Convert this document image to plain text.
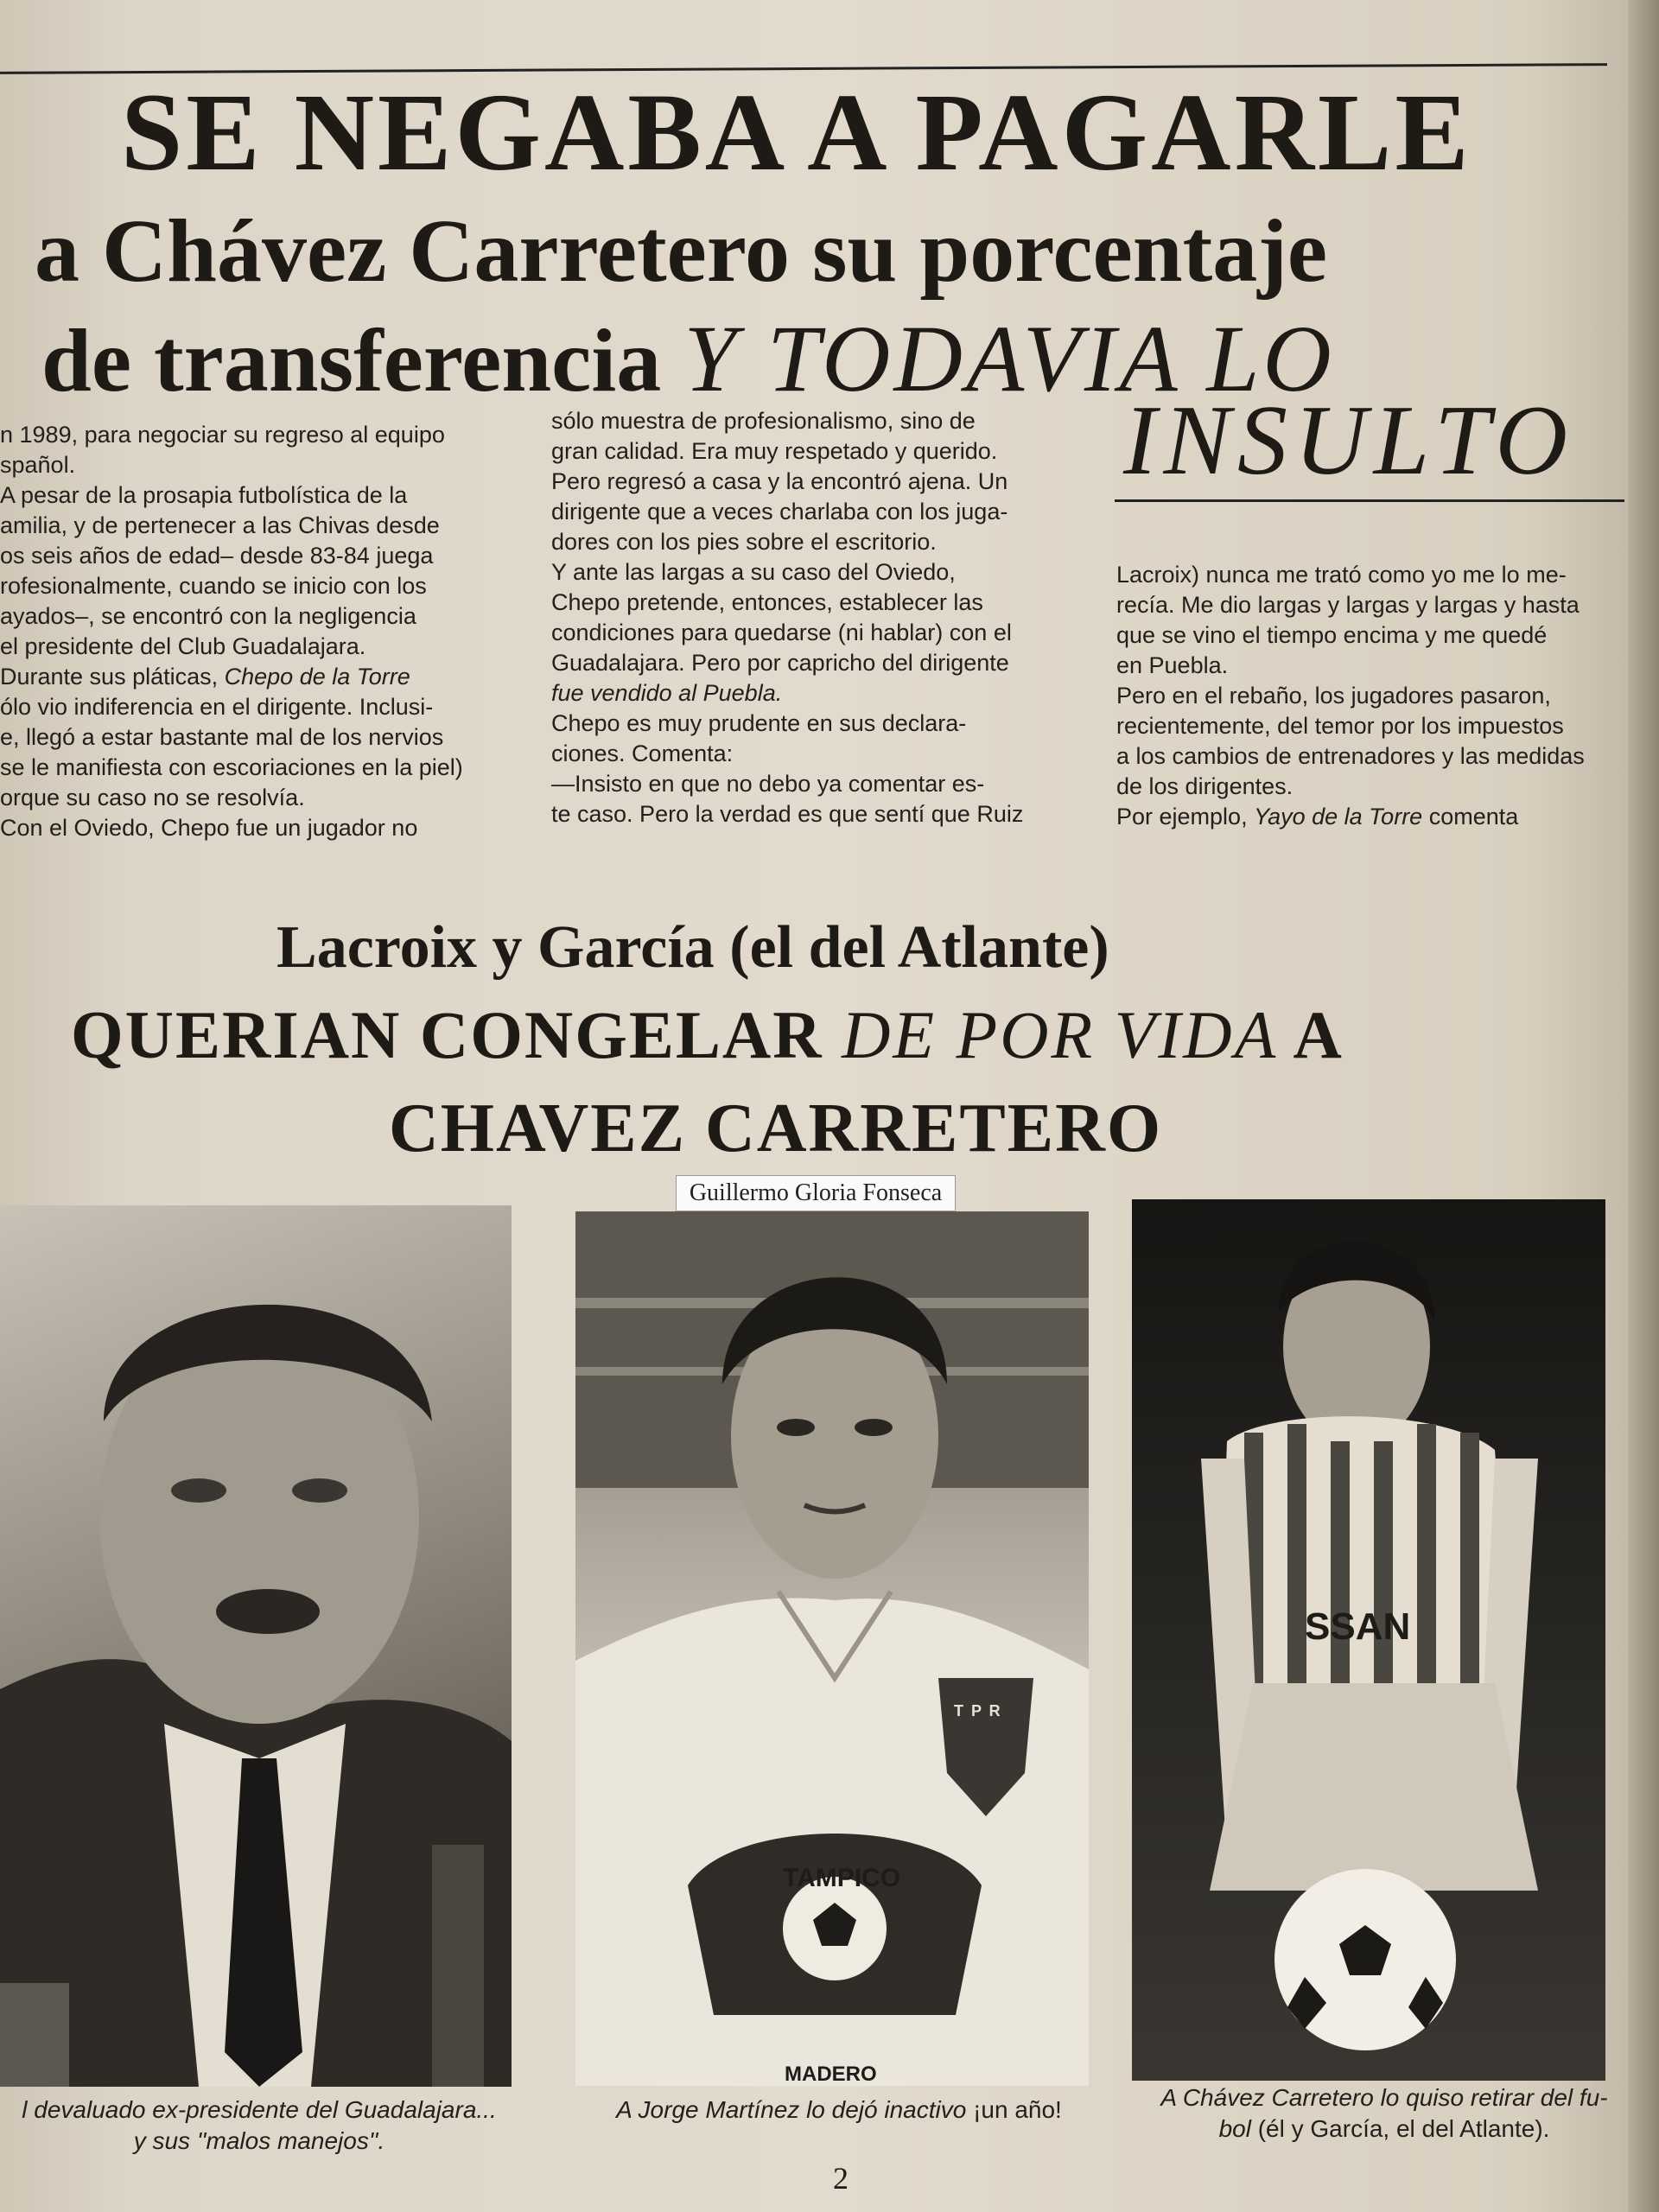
SE NEGABA A PAGARLE
a Chávez Carretero su porcentaje
de transferencia Y TODAVIA LO
INSULTO

n 1989, para negociar su regreso al equipo

spañol.

A pesar de la prosapia futbolística de la

amilia, y de pertenecer a las Chivas desde

os seis años de edad– desde 83-84 juega

rofesionalmente, cuando se inicio con los

ayados–, se encontró con la negligencia

el presidente del Club Guadalajara.

Durante sus pláticas, Chepo de la Torre

ólo vio indiferencia en el dirigente. Inclusi-

e, llegó a estar bastante mal de los nervios

se le manifiesta con escoriaciones en la piel)

orque su caso no se resolvía.

Con el Oviedo, Chepo fue un jugador no

sólo muestra de profesionalismo, sino de

gran calidad. Era muy respetado y querido.

Pero regresó a casa y la encontró ajena. Un

dirigente que a veces charlaba con los juga-

dores con los pies sobre el escritorio.

Y ante las largas a su caso del Oviedo,

Chepo pretende, entonces, establecer las

condiciones para quedarse (ni hablar) con el

Guadalajara. Pero por capricho del dirigente

fue vendido al Puebla.

Chepo es muy prudente en sus declara-

ciones. Comenta:

—Insisto en que no debo ya comentar es-

te caso. Pero la verdad es que sentí que Ruiz

Lacroix) nunca me trató como yo me lo me-

recía. Me dio largas y largas y largas y hasta

que se vino el tiempo encima y me quedé

en Puebla.

Pero en el rebaño, los jugadores pasaron,

recientemente, del temor por los impuestos

a los cambios de entrenadores y las medidas

de los dirigentes.

Por ejemplo, Yayo de la Torre comenta

Lacroix y García (el del Atlante)
QUERIAN CONGELAR DE POR VIDA A
CHAVEZ CARRETERO
TAMPICO
T P R
MADERO
Guillermo Gloria Fonseca
SSAN
l devaluado ex-presidente del Guadalajara...
y sus ''malos manejos''.
A Jorge Martínez lo dejó inactivo ¡un año!	A Chávez Carretero lo quiso retirar del fu-
bol (él y García, el del Atlante).
2
